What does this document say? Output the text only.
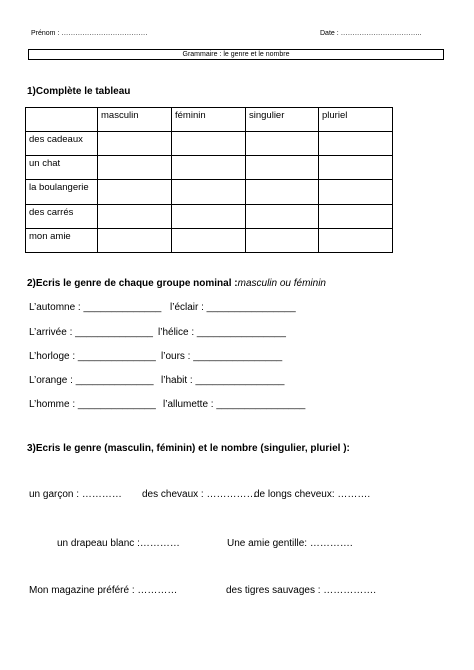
Prénom : ……………………………….	Date : ……………………………..
Grammaire : le genre et le nombre
1)Complète le tableau
	masculin	féminin	singulier	pluriel
des cadeaux				
un chat				
la boulangerie				
des carrés				
mon amie				
2)Ecris le genre de chaque groupe nominal :masculin ou féminin
L’automne : ______________ l’éclair : ________________
L’arrivée : ______________ l’hélice : ________________
L’horloge : ______________ l’ours : ________________
L’orange : ______________ l’habit : ________________
L’homme : ______________ l’allumette : ________________
3)Ecris le genre (masculin, féminin) et le nombre (singulier, pluriel ):
un garçon : ………… des chevaux : ……………
de longs cheveux: ……….
un drapeau blanc :…………	Une amie gentille: ………….
Mon magazine préféré : …………	des tigres sauvages : …………….
